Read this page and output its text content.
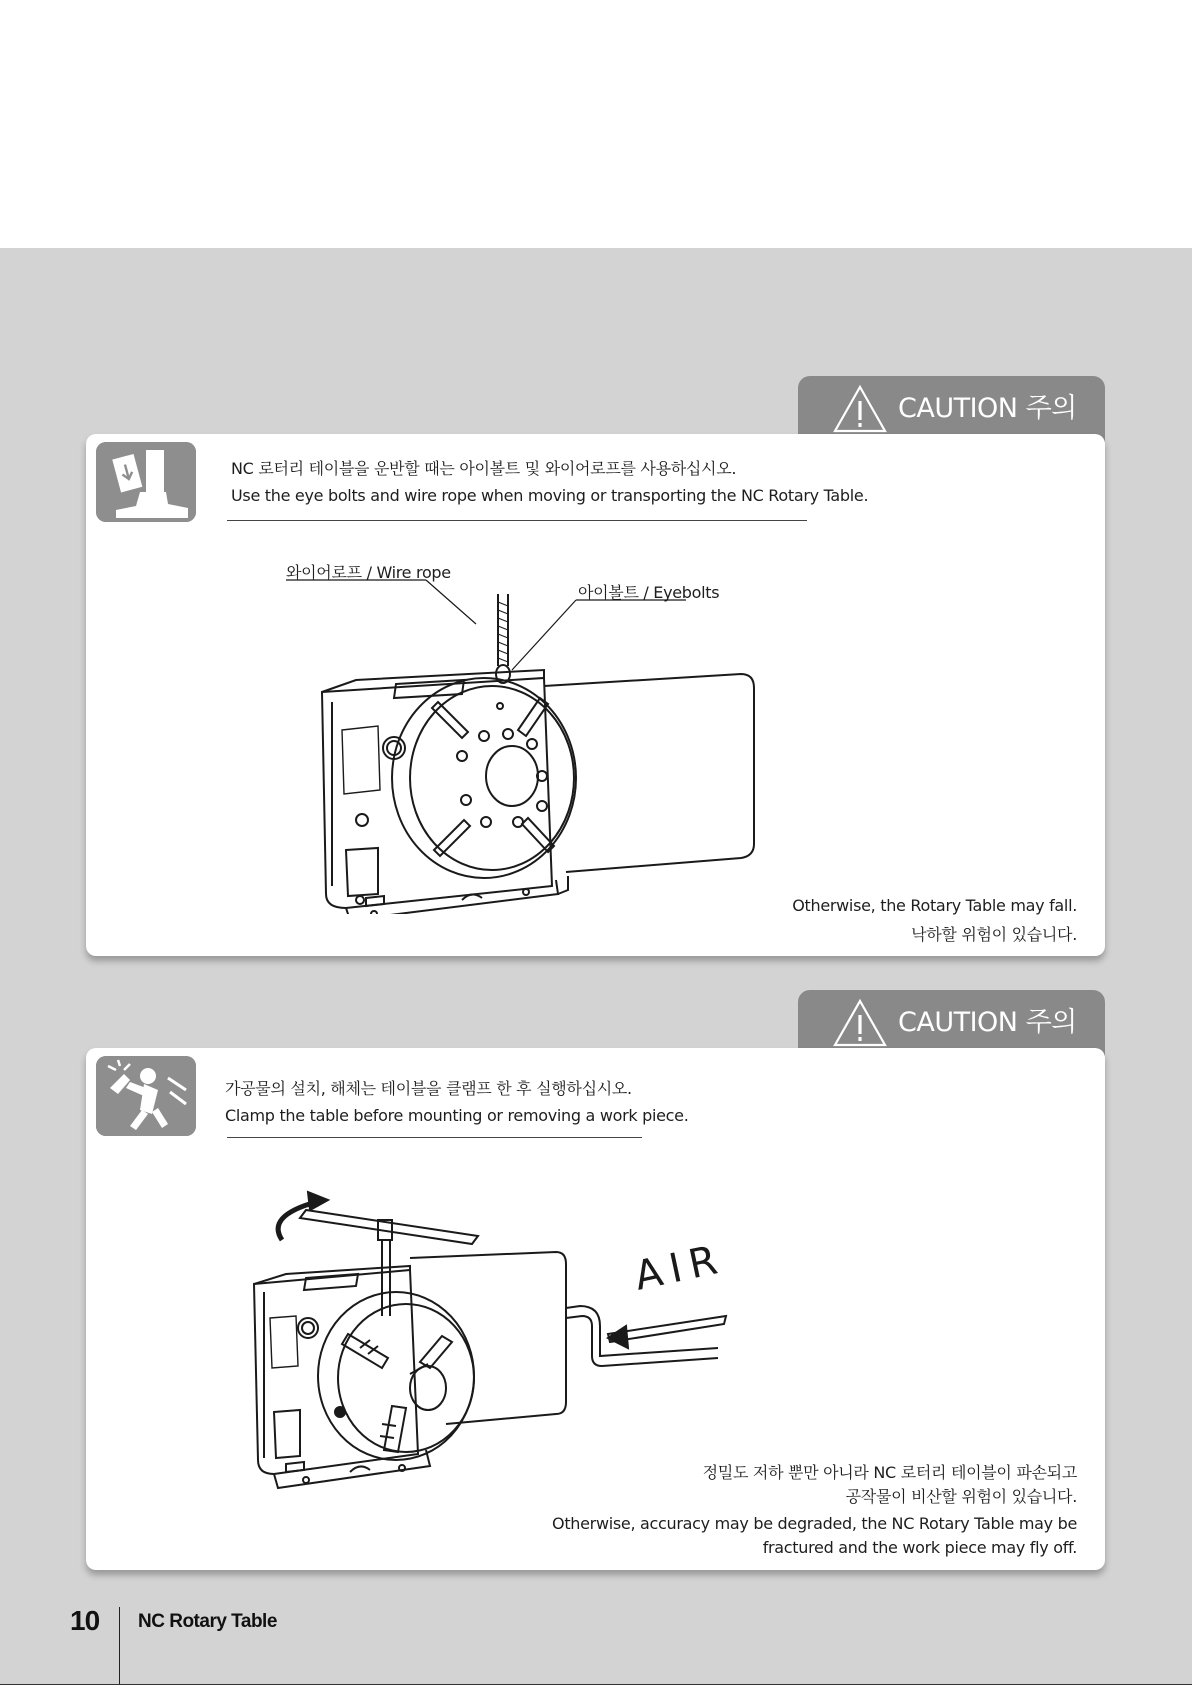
CAUTION 주의
NC 로터리 테이블을 운반할 때는 아이볼트 및 와이어로프를 사용하십시오.
Use the eye bolts and wire rope when moving or transporting the NC Rotary Table.
와이어로프 / Wire rope
아이볼트 / Eyebolts
Otherwise, the Rotary Table may fall.
낙하할 위험이 있습니다.
CAUTION 주의
가공물의 설치, 해체는 테이블을 클램프 한 후 실행하십시오.
Clamp the table before mounting or removing a work piece.
AIR
정밀도 저하 뿐만 아니라 NC 로터리 테이블이 파손되고
공작물이 비산할 위험이 있습니다.
Otherwise, accuracy may be degraded, the NC Rotary Table may be
fractured and the work piece may fly off.
10 NC Rotary Table
